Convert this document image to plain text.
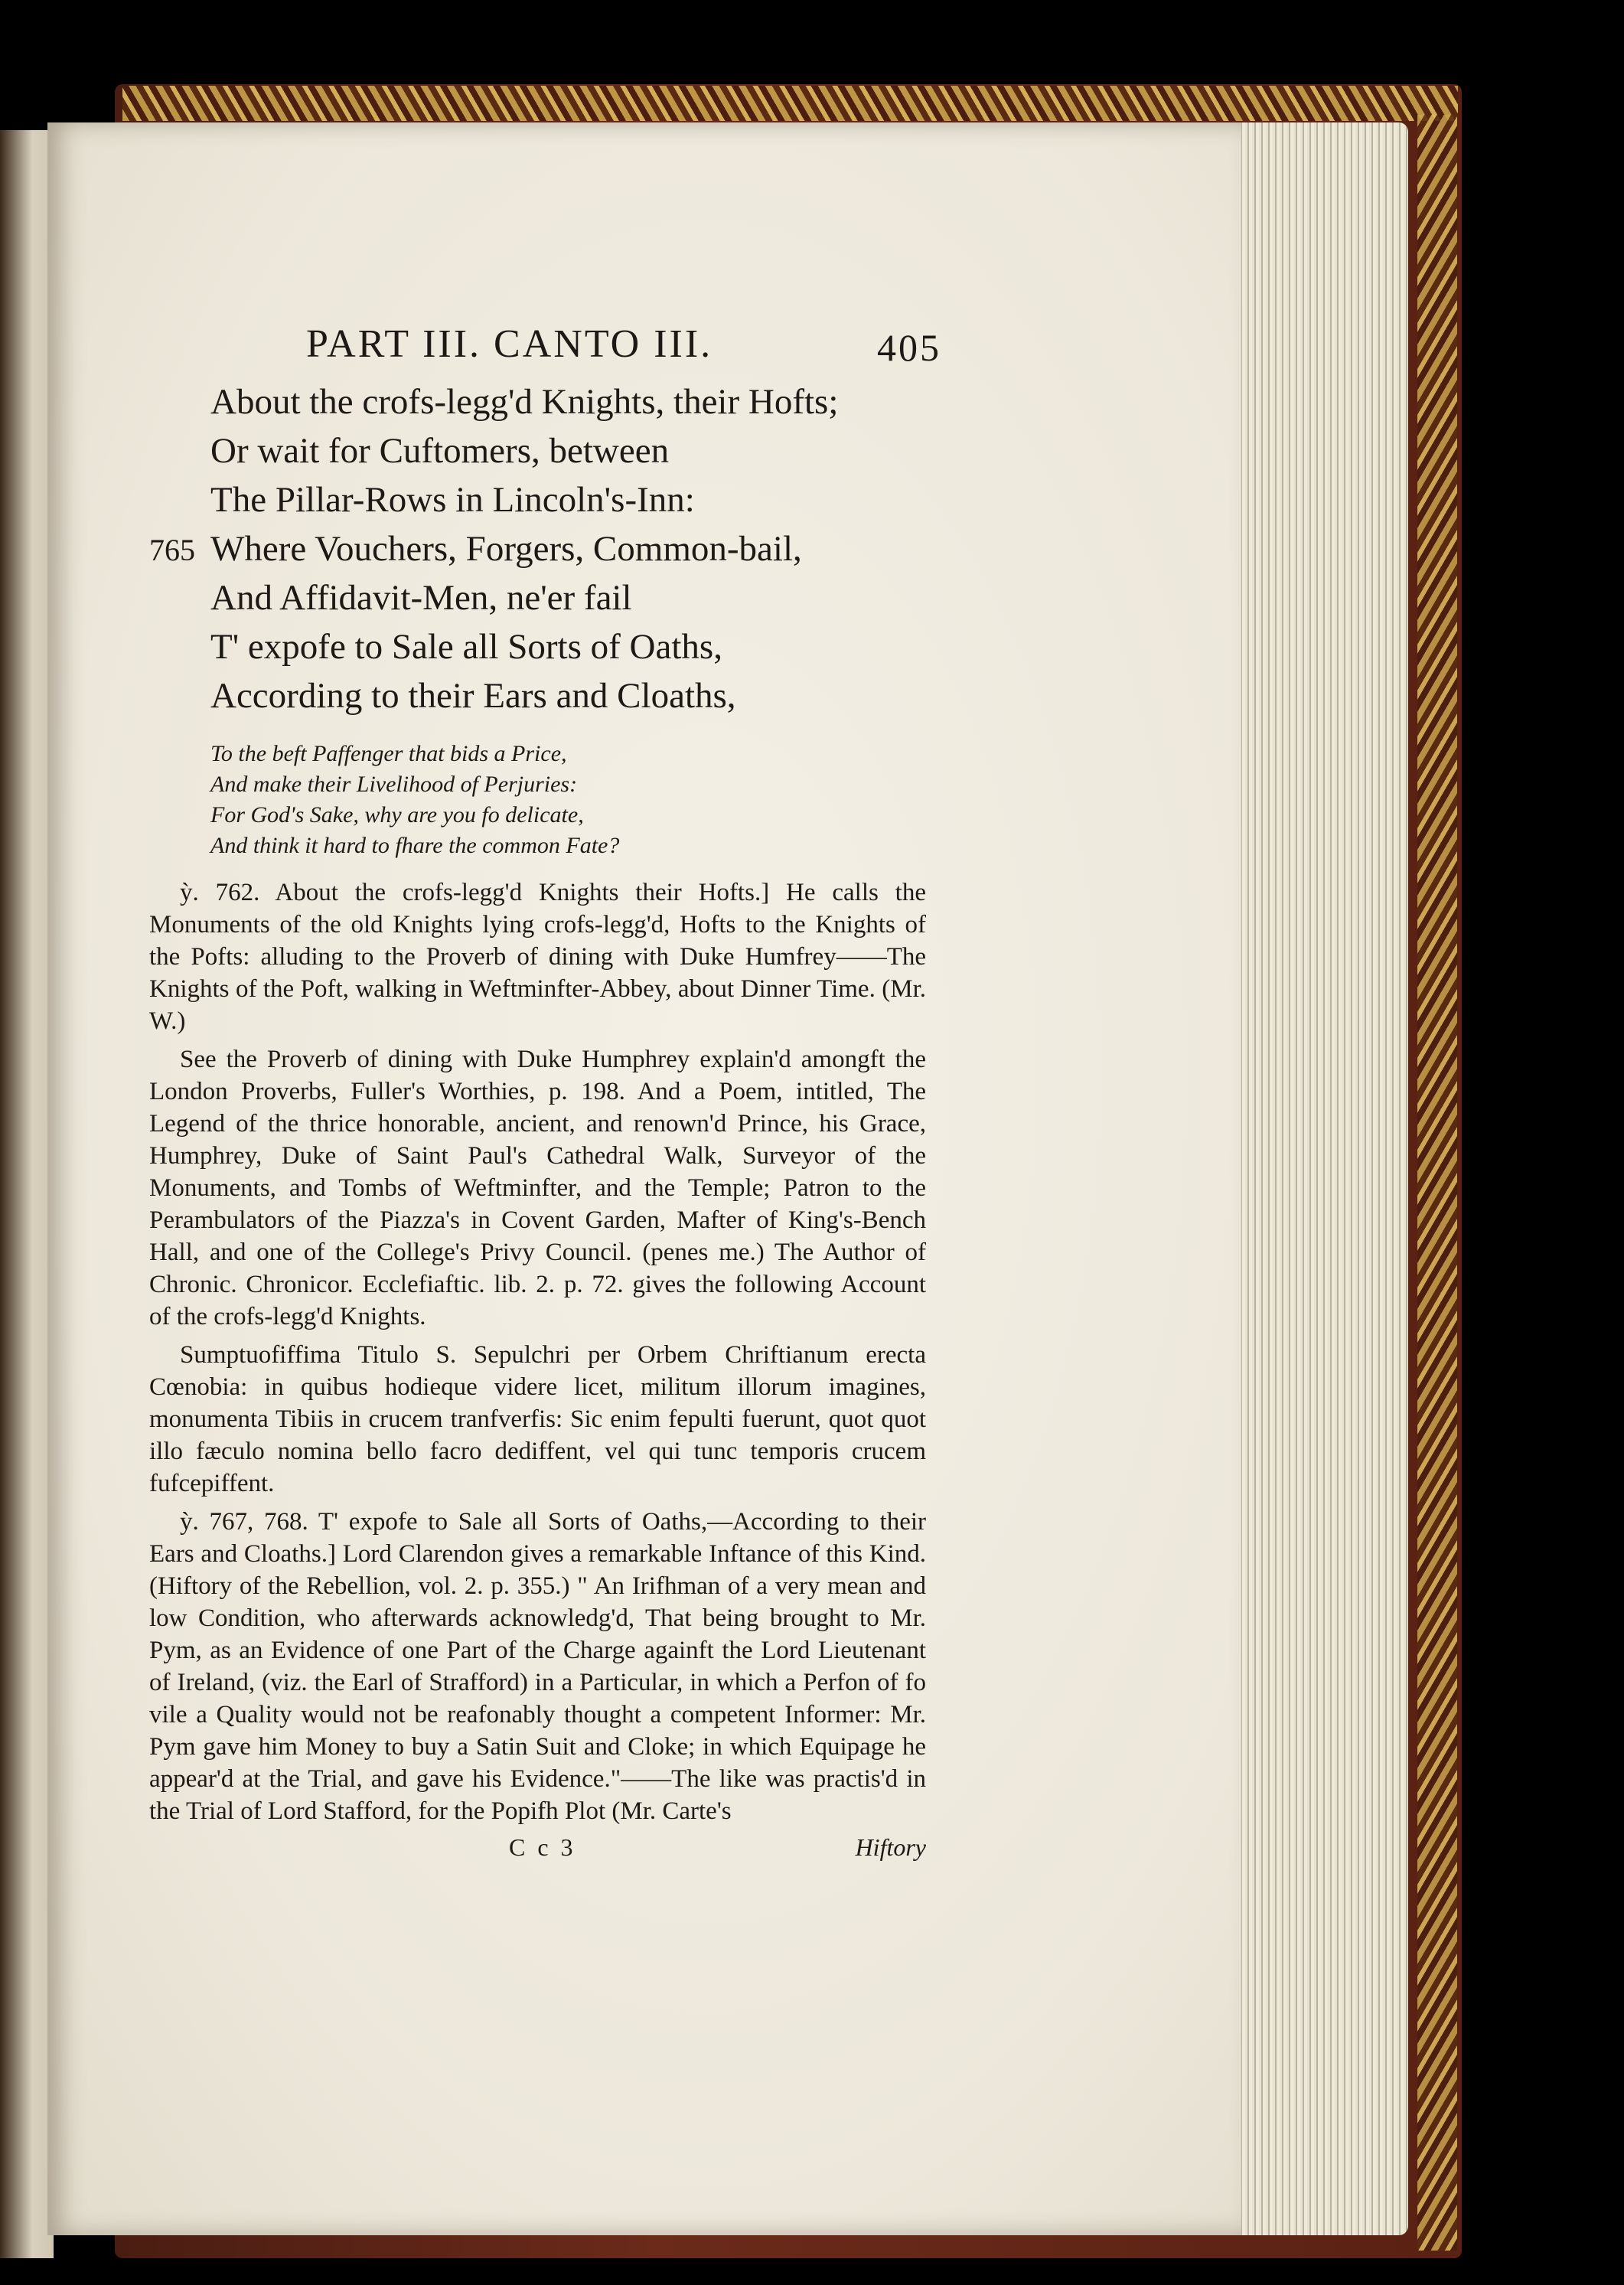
PART III. CANTO III.	405
About the crofs-legg'd Knights, their Hofts;
Or wait for Cuftomers, between
The Pillar-Rows in Lincoln's-Inn:
765 Where Vouchers, Forgers, Common-bail,
And Affidavit-Men, ne'er fail
T' expofe to Sale all Sorts of Oaths,
According to their Ears and Cloaths,
To the beft Paffenger that bids a Price,
And make their Livelihood of Perjuries:
For God's Sake, why are you fo delicate,
And think it hard to fhare the common Fate?

ỳ. 762. About the crofs-legg'd Knights their Hofts.] He calls the Monuments of the old Knights lying crofs-legg'd, Hofts to the Knights of the Pofts: alluding to the Proverb of dining with Duke Humfrey——The Knights of the Poft, walking in Weftminfter-Abbey, about Dinner Time. (Mr. W.)

See the Proverb of dining with Duke Humphrey explain'd amongft the London Proverbs, Fuller's Worthies, p. 198. And a Poem, intitled, The Legend of the thrice honorable, ancient, and renown'd Prince, his Grace, Humphrey, Duke of Saint Paul's Cathedral Walk, Surveyor of the Monuments, and Tombs of Weftminfter, and the Temple; Patron to the Perambulators of the Piazza's in Covent Garden, Mafter of King's-Bench Hall, and one of the College's Privy Council. (penes me.) The Author of Chronic. Chronicor. Ecclefiaftic. lib. 2. p. 72. gives the following Account of the crofs-legg'd Knights.

Sumptuofiffima Titulo S. Sepulchri per Orbem Chriftianum erecta Cœnobia: in quibus hodieque videre licet, militum illorum imagines, monumenta Tibiis in crucem tranfverfis: Sic enim fepulti fuerunt, quot quot illo fæculo nomina bello facro dediffent, vel qui tunc temporis crucem fufcepiffent.

ỳ. 767, 768. T' expofe to Sale all Sorts of Oaths,—According to their Ears and Cloaths.] Lord Clarendon gives a remarkable Inftance of this Kind. (Hiftory of the Rebellion, vol. 2. p. 355.) " An Irifhman of a very mean and low Condition, who afterwards acknowledg'd, That being brought to Mr. Pym, as an Evidence of one Part of the Charge againft the Lord Lieutenant of Ireland, (viz. the Earl of Strafford) in a Particular, in which a Perfon of fo vile a Quality would not be reafonably thought a competent Informer: Mr. Pym gave him Money to buy a Satin Suit and Cloke; in which Equipage he appear'd at the Trial, and gave his Evidence."——The like was practis'd in the Trial of Lord Stafford, for the Popifh Plot (Mr. Carte's

C c 3	Hiftory
